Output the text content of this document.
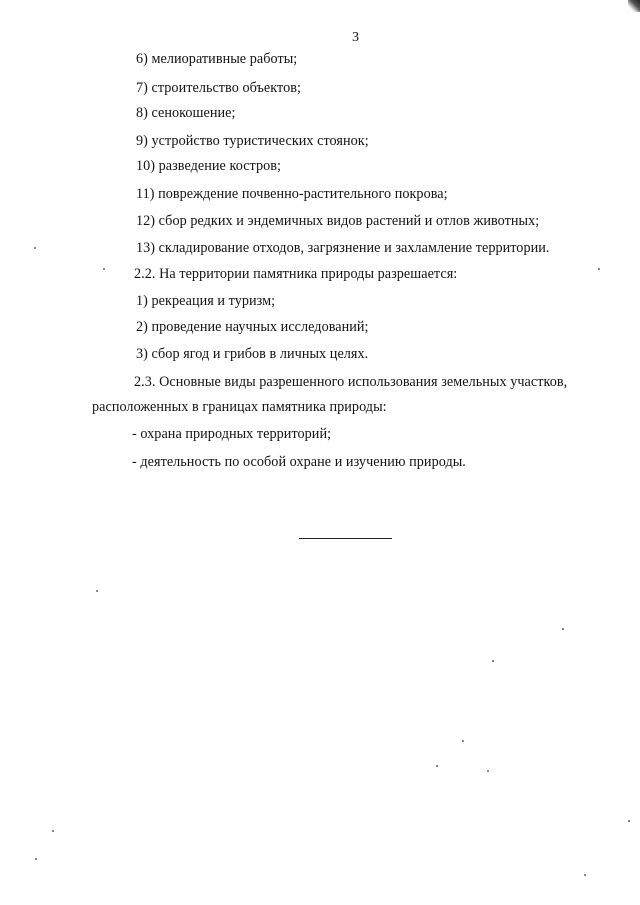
3
6) мелиоративные работы;
7) строительство объектов;
8) сенокошение;
9) устройство туристических стоянок;
10) разведение костров;
11) повреждение почвенно-растительного покрова;
12) сбор редких и эндемичных видов растений и отлов животных;
13) складирование отходов, загрязнение и захламление территории.
2.2. На территории памятника природы разрешается:
1) рекреация и туризм;
2) проведение научных исследований;
3) сбор ягод и грибов в личных целях.
2.3. Основные виды разрешенного использования земельных участков,
расположенных в границах памятника природы:
- охрана природных территорий;
- деятельность по особой охране и изучению природы.
